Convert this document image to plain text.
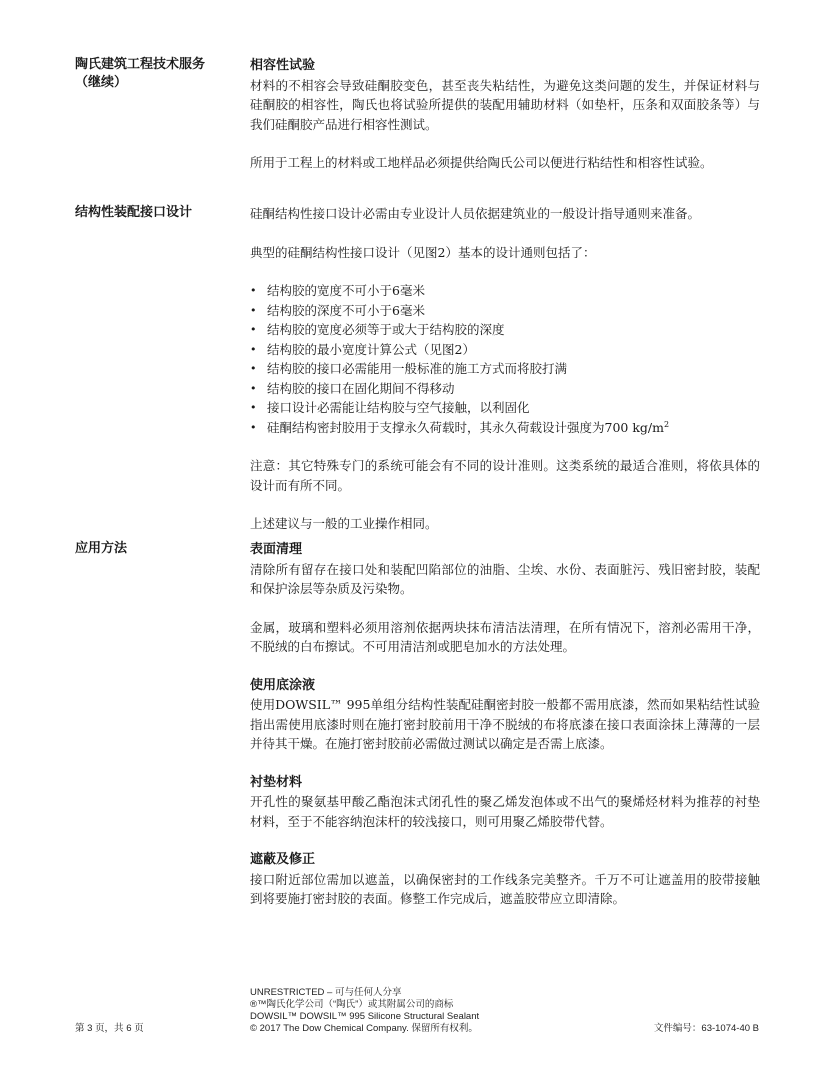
陶氏建筑工程技术服务
（继续）
相容性试验

材料的不相容会导致硅酮胶变色，甚至丧失粘结性，为避免这类问题的发生，并保证材料与硅酮胶的相容性，陶氏也将试验所提供的装配用辅助材料（如垫杆，压条和双面胶条等）与我们硅酮胶产品进行相容性测试。

所用于工程上的材料或工地样品必须提供给陶氏公司以便进行粘结性和相容性试验。

结构性装配接口设计	硅酮结构性接口设计必需由专业设计人员依据建筑业的一般设计指导通则来准备。

典型的硅酮结构性接口设计（见图2）基本的设计通则包括了：

• 结构胶的宽度不可小于6毫米
• 结构胶的深度不可小于6毫米
• 结构胶的宽度必须等于或大于结构胶的深度
• 结构胶的最小宽度计算公式（见图2）
• 结构胶的接口必需能用一般标准的施工方式而将胶打满
• 结构胶的接口在固化期间不得移动
• 接口设计必需能让结构胶与空气接触，以利固化
• 硅酮结构密封胶用于支撑永久荷载时，其永久荷载设计强度为700 $kg/m^2$

注意：其它特殊专门的系统可能会有不同的设计准则。这类系统的最适合准则，将依具体的设计而有所不同。

上述建议与一般的工业操作相同。

应用方法	表面清理

清除所有留存在接口处和装配凹陷部位的油脂、尘埃、水份、表面脏污、残旧密封胶，装配和保护涂层等杂质及污染物。

金属，玻璃和塑料必须用溶剂依据两块抹布清洁法清理，在所有情况下，溶剂必需用干净，不脱绒的白布擦试。不可用清洁剂或肥皂加水的方法处理。

使用底涂液

使用DOWSIL™ 995单组分结构性装配硅酮密封胶一般都不需用底漆，然而如果粘结性试验指出需使用底漆时则在施打密封胶前用干净不脱绒的布将底漆在接口表面涂抹上薄薄的一层并待其干燥。在施打密封胶前必需做过测试以确定是否需上底漆。

衬垫材料

开孔性的聚氨基甲酸乙酯泡沫式闭孔性的聚乙烯发泡体或不出气的聚烯烃材料为推荐的衬垫材料，至于不能容纳泡沫杆的较浅接口，则可用聚乙烯胶带代替。

遮蔽及修正

接口附近部位需加以遮盖，以确保密封的工作线条完美整齐。千万不可让遮盖用的胶带接触到将要施打密封胶的表面。修整工作完成后，遮盖胶带应立即清除。

第 3 页，共 6 页
UNRESTRICTED – 可与任何人分享
®™陶氏化学公司（“陶氏”）或其附属公司的商标
DOWSIL™ DOWSIL™ 995 Silicone Structural Sealant
© 2017 The Dow Chemical Company. 保留所有权利。	文件编号：63-1074-40 B
